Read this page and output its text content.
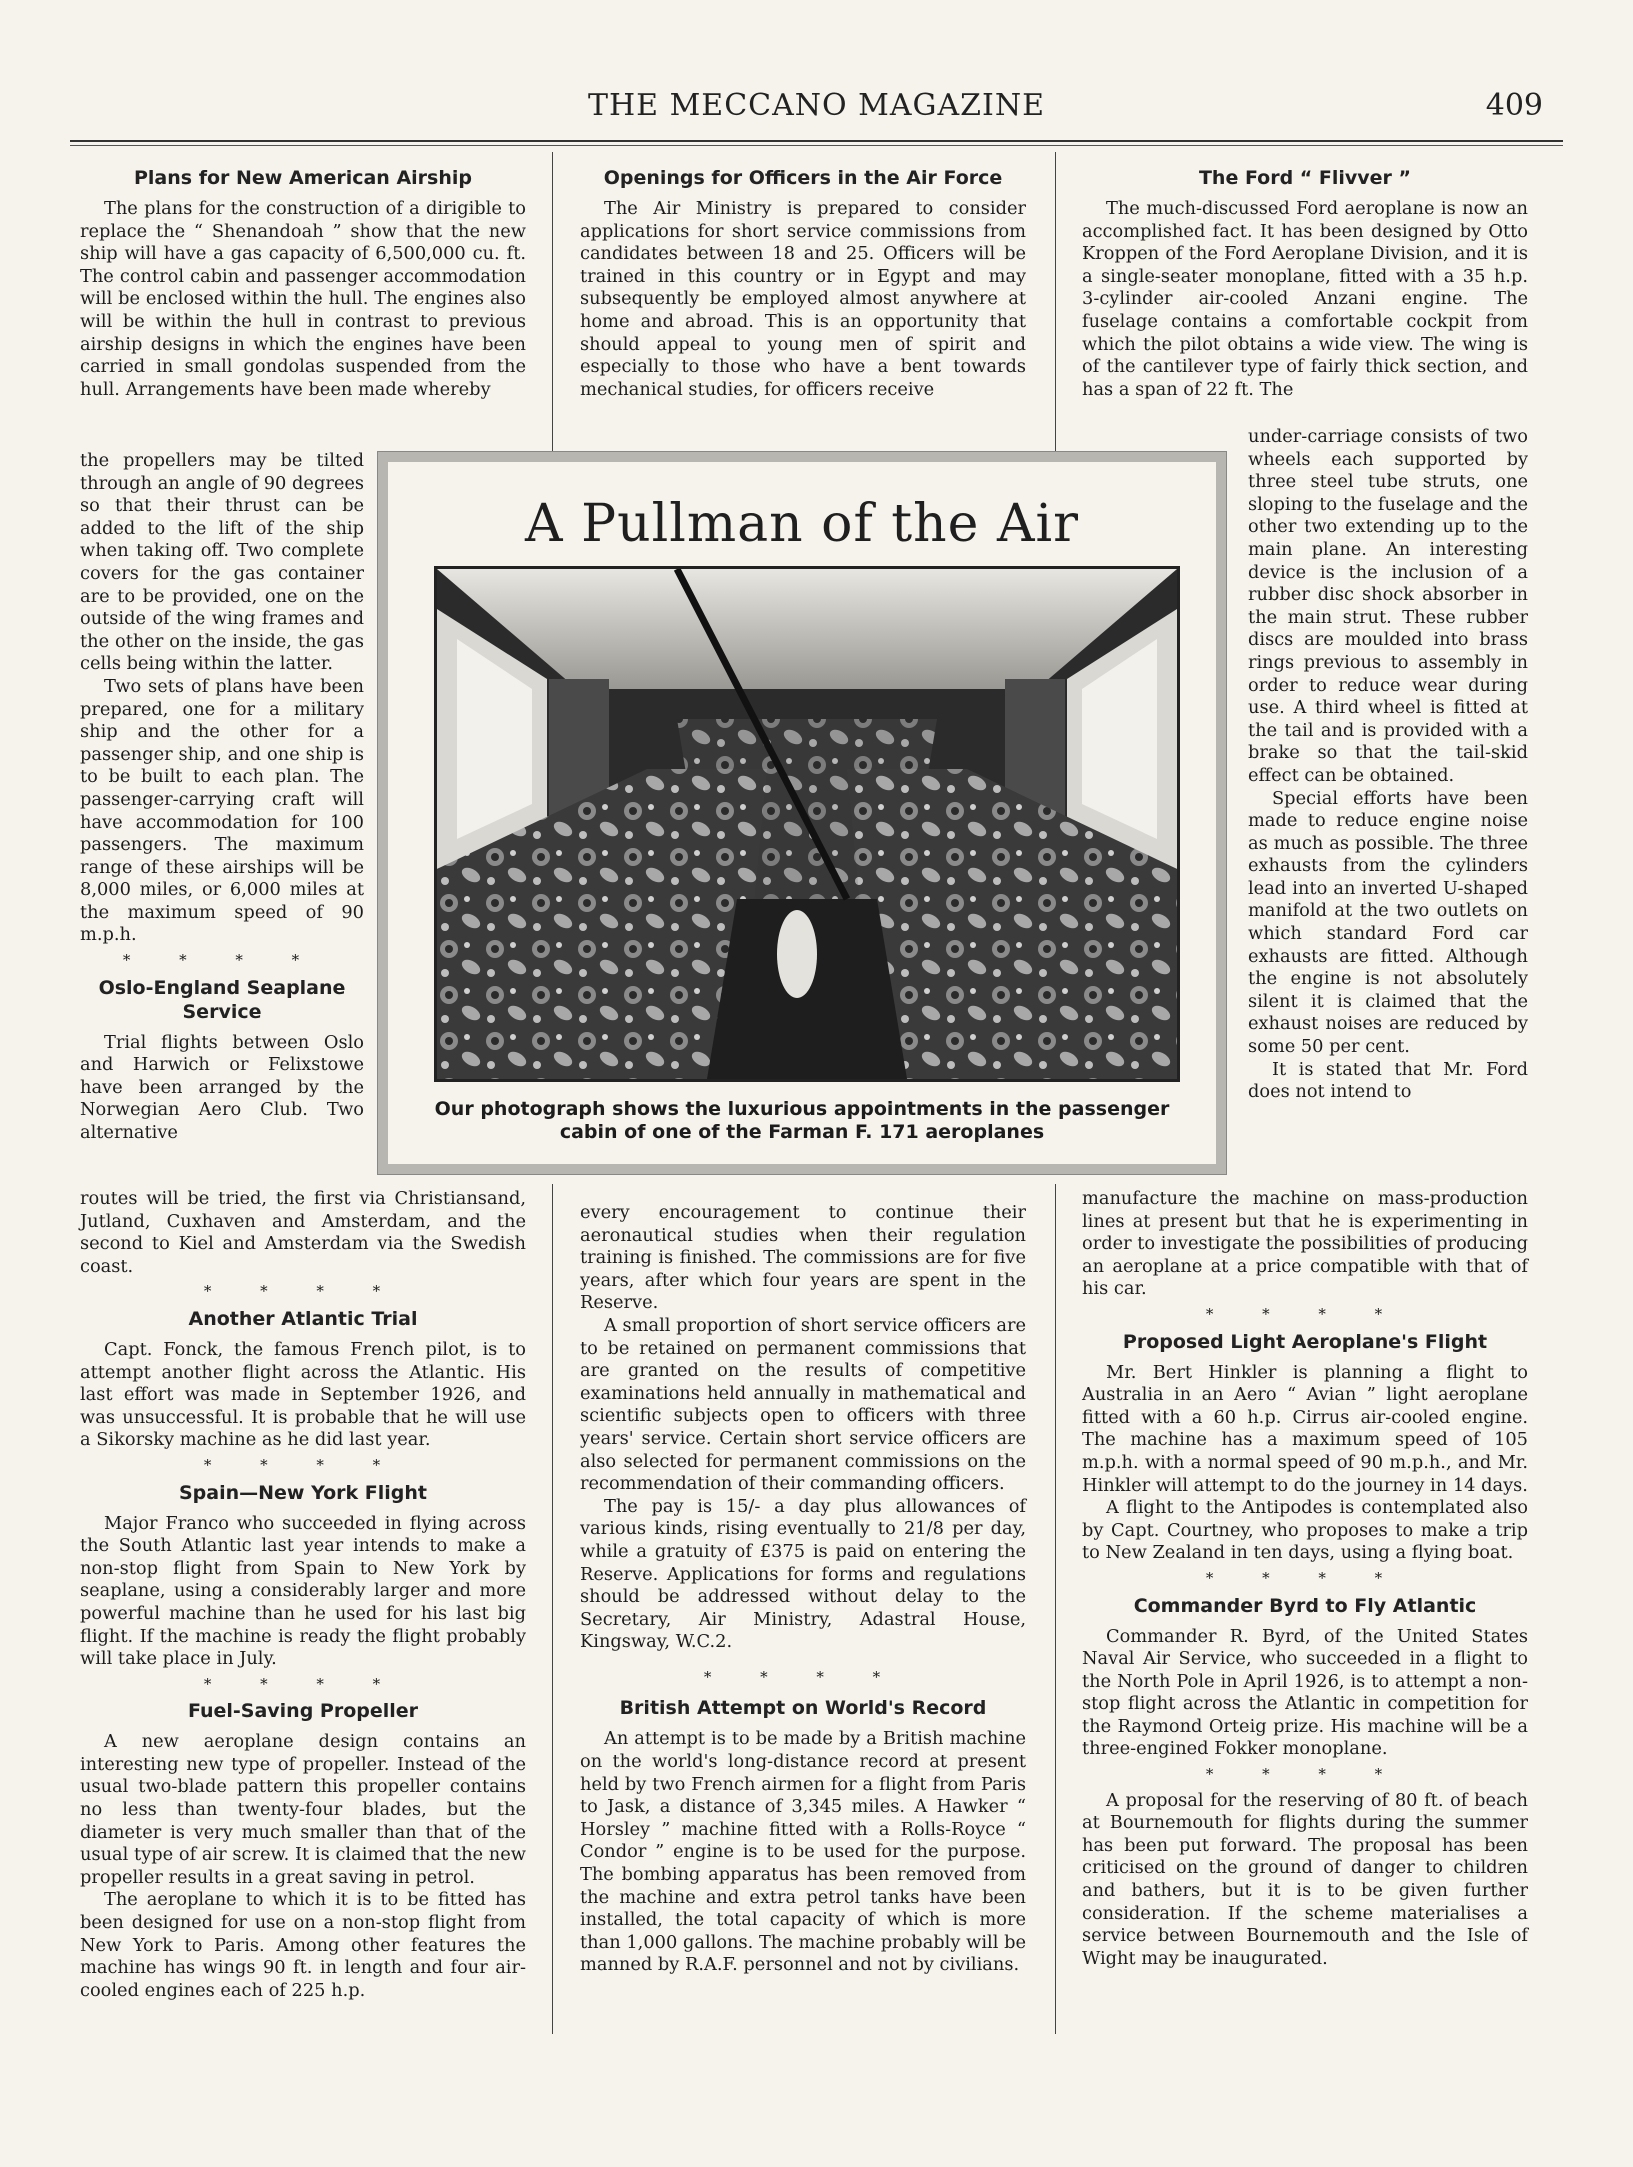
THE MECCANO MAGAZINE	409
Plans for New American Airship

The plans for the construction of a dirigible to replace the “ Shenandoah ” show that the new ship will have a gas capacity of 6,500,000 cu. ft. The control cabin and passenger accommodation will be enclosed within the hull. The engines also will be within the hull in contrast to previous airship designs in which the engines have been carried in small gondolas suspended from the hull. Arrangements have been made whereby

the propellers may be tilted through an angle of 90 degrees so that their thrust can be added to the lift of the ship when taking off. Two complete covers for the gas container are to be provided, one on the outside of the wing frames and the other on the inside, the gas cells being within the latter.

Two sets of plans have been prepared, one for a military ship and the other for a passenger ship, and one ship is to be built to each plan. The passenger-carrying craft will have accommodation for 100 passengers. The maximum range of these airships will be 8,000 miles, or 6,000 miles at the maximum speed of 90 m.p.h.

* * * *
Oslo-England Seaplane Service

Trial flights between Oslo and Harwich or Felixstowe have been arranged by the Norwegian Aero Club. Two alternative

routes will be tried, the first via Christiansand, Jutland, Cuxhaven and Amsterdam, and the second to Kiel and Amsterdam via the Swedish coast.

* * * *
Another Atlantic Trial

Capt. Fonck, the famous French pilot, is to attempt another flight across the Atlantic. His last effort was made in September 1926, and was unsuccessful. It is probable that he will use a Sikorsky machine as he did last year.

* * * *
Spain—New York Flight

Major Franco who succeeded in flying across the South Atlantic last year intends to make a non-stop flight from Spain to New York by seaplane, using a considerably larger and more powerful machine than he used for his last big flight. If the machine is ready the flight probably will take place in July.

* * * *
Fuel-Saving Propeller

A new aeroplane design contains an interesting new type of propeller. Instead of the usual two-blade pattern this propeller contains no less than twenty-four blades, but the diameter is very much smaller than that of the usual type of air screw. It is claimed that the new propeller results in a great saving in petrol.

The aeroplane to which it is to be fitted has been designed for use on a non-stop flight from New York to Paris. Among other features the machine has wings 90 ft. in length and four air-cooled engines each of 225 h.p.

Openings for Officers in the Air Force

The Air Ministry is prepared to consider applications for short service commissions from candidates between 18 and 25. Officers will be trained in this country or in Egypt and may subsequently be employed almost anywhere at home and abroad. This is an opportunity that should appeal to young men of spirit and especially to those who have a bent towards mechanical studies, for officers receive

every encouragement to continue their aeronautical studies when their regulation training is finished. The commissions are for five years, after which four years are spent in the Reserve.

A small proportion of short service officers are to be retained on permanent commissions that are granted on the results of competitive examinations held annually in mathematical and scientific subjects open to officers with three years' service. Certain short service officers are also selected for permanent commissions on the recommendation of their commanding officers.

The pay is 15/- a day plus allowances of various kinds, rising eventually to 21/8 per day, while a gratuity of £375 is paid on entering the Reserve. Applications for forms and regulations should be addressed without delay to the Secretary, Air Ministry, Adastral House, Kingsway, W.C.2.

* * * *
British Attempt on World's Record

An attempt is to be made by a British machine on the world's long-distance record at present held by two French airmen for a flight from Paris to Jask, a distance of 3,345 miles. A Hawker “ Horsley ” machine fitted with a Rolls-Royce “ Condor ” engine is to be used for the purpose. The bombing apparatus has been removed from the machine and extra petrol tanks have been installed, the total capacity of which is more than 1,000 gallons. The machine probably will be manned by R.A.F. personnel and not by civilians.

The Ford “ Flivver ”

The much-discussed Ford aeroplane is now an accomplished fact. It has been designed by Otto Kroppen of the Ford Aeroplane Division, and it is a single-seater monoplane, fitted with a 35 h.p. 3-cylinder air-cooled Anzani engine. The fuselage contains a comfortable cockpit from which the pilot obtains a wide view. The wing is of the cantilever type of fairly thick section, and has a span of 22 ft. The

under-carriage consists of two wheels each supported by three steel tube struts, one sloping to the fuselage and the other two extending up to the main plane. An interesting device is the inclusion of a rubber disc shock absorber in the main strut. These rubber discs are moulded into brass rings previous to assembly in order to reduce wear during use. A third wheel is fitted at the tail and is provided with a brake so that the tail-skid effect can be obtained.

Special efforts have been made to reduce engine noise as much as possible. The three exhausts from the cylinders lead into an inverted U-shaped manifold at the two outlets on which standard Ford car exhausts are fitted. Although the engine is not absolutely silent it is claimed that the exhaust noises are reduced by some 50 per cent.

It is stated that Mr. Ford does not intend to

manufacture the machine on mass-production lines at present but that he is experimenting in order to investigate the possibilities of producing an aeroplane at a price compatible with that of his car.

* * * *
Proposed Light Aeroplane's Flight

Mr. Bert Hinkler is planning a flight to Australia in an Aero “ Avian ” light aeroplane fitted with a 60 h.p. Cirrus air-cooled engine. The machine has a maximum speed of 105 m.p.h. with a normal speed of 90 m.p.h., and Mr. Hinkler will attempt to do the journey in 14 days.

A flight to the Antipodes is contemplated also by Capt. Courtney, who proposes to make a trip to New Zealand in ten days, using a flying boat.

* * * *
Commander Byrd to Fly Atlantic

Commander R. Byrd, of the United States Naval Air Service, who succeeded in a flight to the North Pole in April 1926, is to attempt a non-stop flight across the Atlantic in competition for the Raymond Orteig prize. His machine will be a three-engined Fokker monoplane.

* * * *

A proposal for the reserving of 80 ft. of beach at Bournemouth for flights during the summer has been put forward. The proposal has been criticised on the ground of danger to children and bathers, but it is to be given further consideration. If the scheme materialises a service between Bournemouth and the Isle of Wight may be inaugurated.

A Pullman of the Air
Our photograph shows the luxurious appointments in the passenger cabin of one of the Farman F. 171 aeroplanes
